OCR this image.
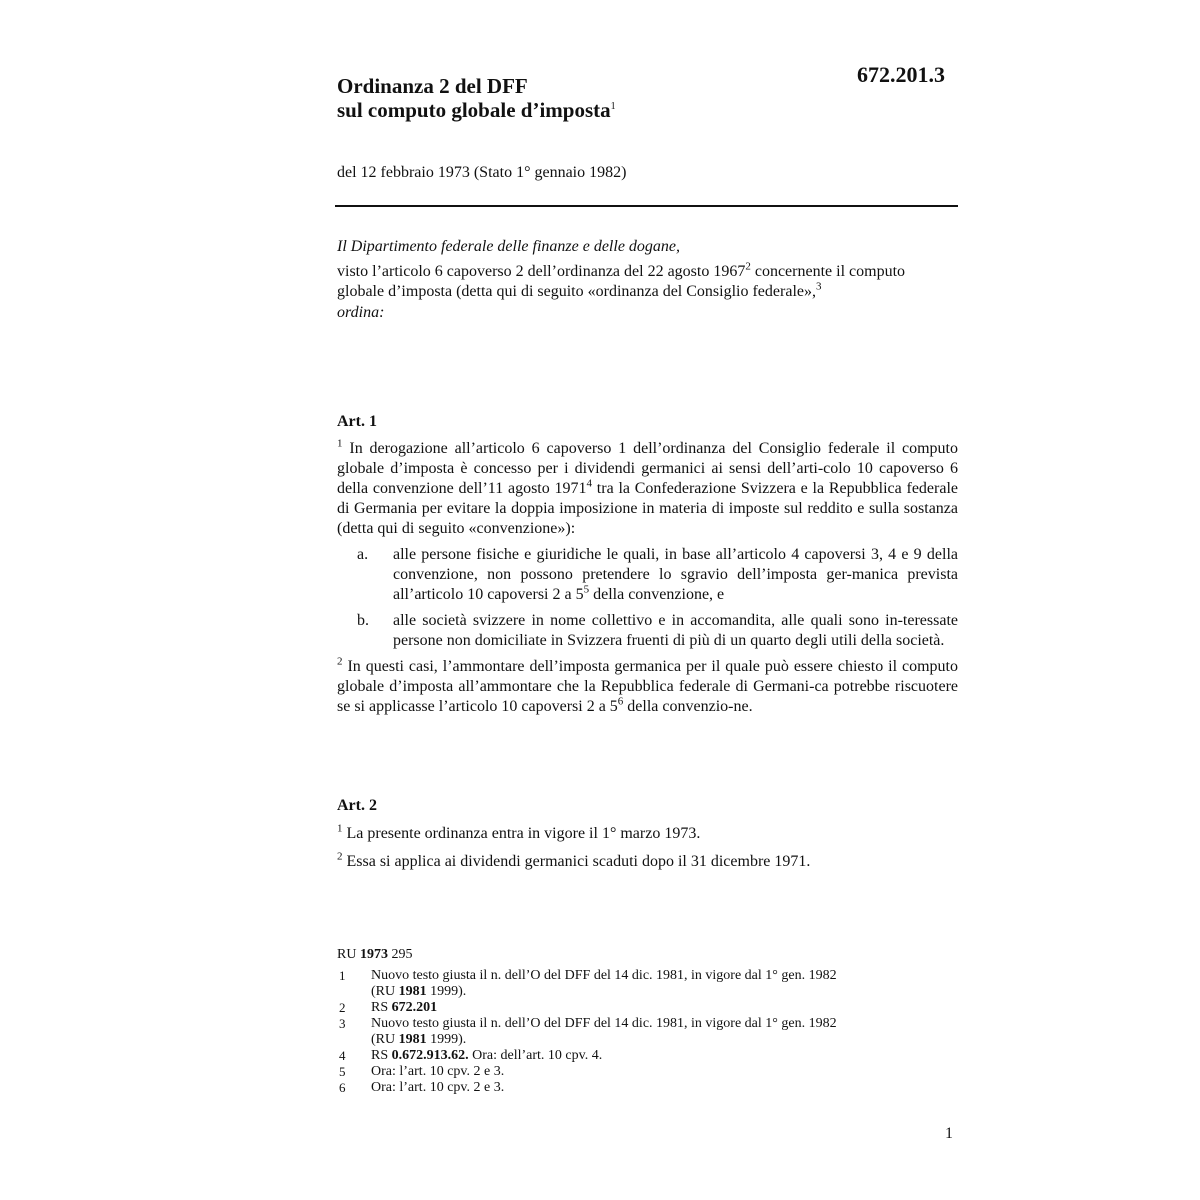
672.201.3
Ordinanza 2 del DFF
sul computo globale d’imposta$^1$
del 12 febbraio 1973 (Stato 1° gennaio 1982)
Il Dipartimento federale delle finanze e delle dogane,
visto l’articolo 6 capoverso 2 dell’ordinanza del 22 agosto 1967$^2$ concernente il computo globale d’imposta (detta qui di seguito «ordinanza del Consiglio federale»,$^3$
ordina:
Art. 1
$^1$ In derogazione all’articolo 6 capoverso 1 dell’ordinanza del Consiglio federale il computo globale d’imposta è concesso per i dividendi germanici ai sensi dell’arti-colo 10 capoverso 6 della convenzione dell’11 agosto 1971$^4$ tra la Confederazione Svizzera e la Repubblica federale di Germania per evitare la doppia imposizione in materia di imposte sul reddito e sulla sostanza (detta qui di seguito «convenzione»):
a.	alle persone fisiche e giuridiche le quali, in base all’articolo 4 capoversi 3, 4 e 9 della convenzione, non possono pretendere lo sgravio dell’imposta ger-manica prevista all’articolo 10 capoversi 2 a $5^5$ della convenzione, e
b.	alle società svizzere in nome collettivo e in accomandita, alle quali sono in-teressate persone non domiciliate in Svizzera fruenti di più di un quarto degli utili della società.
$^2$ In questi casi, l’ammontare dell’imposta germanica per il quale può essere chiesto il computo globale d’imposta all’ammontare che la Repubblica federale di Germani-ca potrebbe riscuotere se si applicasse l’articolo 10 capoversi 2 a $5^6$ della convenzio-ne.
Art. 2
$^1$ La presente ordinanza entra in vigore il 1° marzo 1973.
$^2$ Essa si applica ai dividendi germanici scaduti dopo il 31 dicembre 1971.
RU 1973 295
1	Nuovo testo giusta il n. dell’O del DFF del 14 dic. 1981, in vigore dal 1° gen. 1982
(RU 1981 1999).
2	RS 672.201
3	Nuovo testo giusta il n. dell’O del DFF del 14 dic. 1981, in vigore dal 1° gen. 1982
(RU 1981 1999).
4	RS 0.672.913.62. Ora: dell’art. 10 cpv. 4.
5	Ora: l’art. 10 cpv. 2 e 3.
6	Ora: l’art. 10 cpv. 2 e 3.
1
